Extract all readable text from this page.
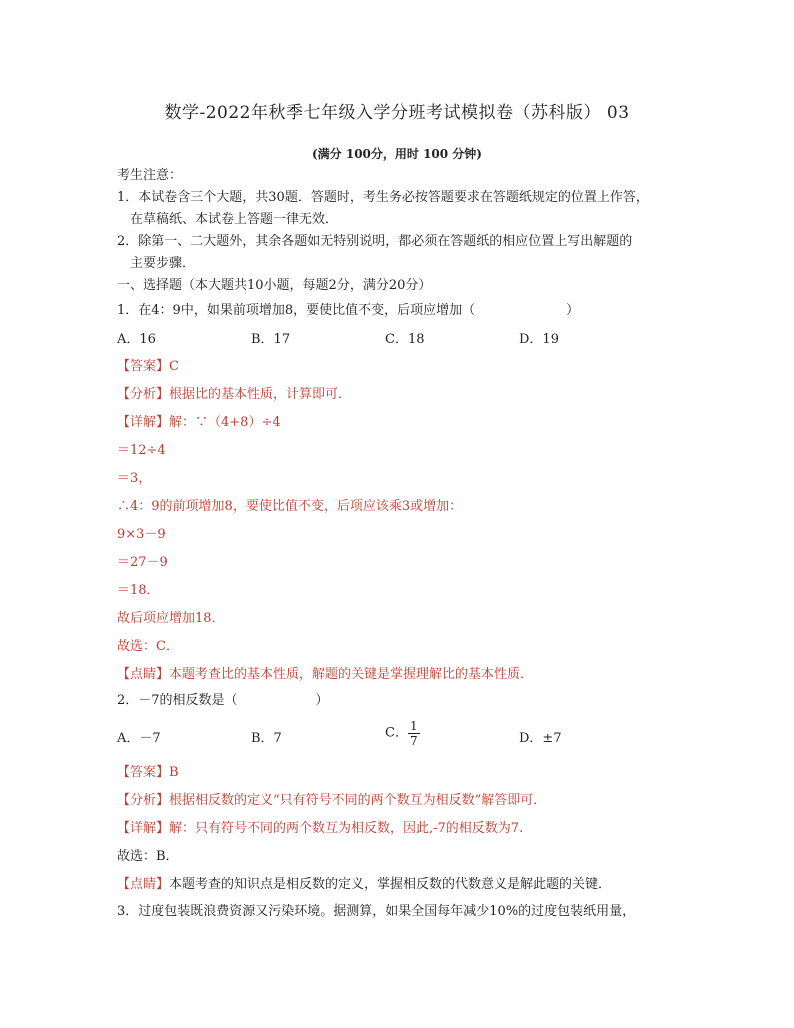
数学-2022年秋季七年级入学分班考试模拟卷（苏科版） 03
(满分 100分，用时 100 分钟)
考生注意：
1．本试卷含三个大题，共30题．答题时，考生务必按答题要求在答题纸规定的位置上作答，
在草稿纸、本试卷上答题一律无效．
2．除第一、二大题外，其余各题如无特别说明，都必须在答题纸的相应位置上写出解题的
主要步骤．
一、选择题（本大题共10小题，每题2分，满分20分）
1．在4：9中，如果前项增加8，要使比值不变，后项应增加（　　　　　　　）
A．16	B．17	C．18	D．19
【答案】C
【分析】根据比的基本性质，计算即可．
【详解】解：∵（4+8）÷4
＝12÷4
＝3，
∴4：9的前项增加8，要使比值不变，后项应该乘3或增加：
9×3－9
＝27－9
＝18．
故后项应增加18．
故选：C．
【点睛】本题考查比的基本性质，解题的关键是掌握理解比的基本性质．
2．－7的相反数是（　　　　　　）
A．－7	B．7	C． $\frac{1}{7}$	D．±7
【答案】B
【分析】根据相反数的定义“只有符号不同的两个数互为相反数”解答即可．
【详解】解：只有符号不同的两个数互为相反数，因此,-7的相反数为7.
故选：B．
【点睛】本题考查的知识点是相反数的定义，掌握相反数的代数意义是解此题的关键．
3．过度包装既浪费资源又污染环境。据测算，如果全国每年减少10%的过度包装纸用量，
